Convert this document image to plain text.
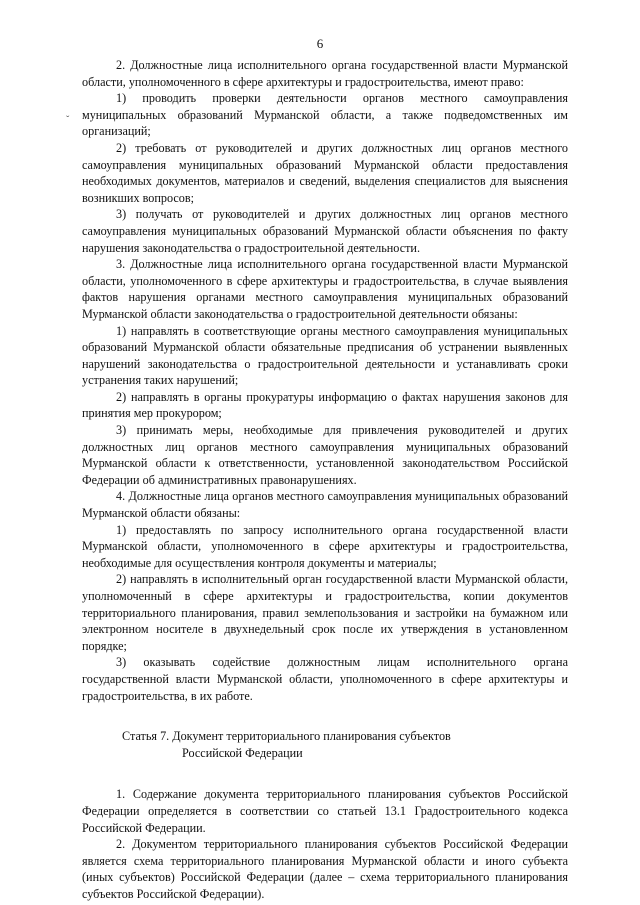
6
ˇ

2. Должностные лица исполнительного органа государственной власти Мурманской области, уполномоченного в сфере архитектуры и градостроительства, имеют право:

1) проводить проверки деятельности органов местного самоуправления муниципальных образований Мурманской области, а также подведомственных им организаций;

2) требовать от руководителей и других должностных лиц органов местного самоуправления муниципальных образований Мурманской области предоставления необходимых документов, материалов и сведений, выделения специалистов для выяснения возникших вопросов;

3) получать от руководителей и других должностных лиц органов местного самоуправления муниципальных образований Мурманской области объяснения по факту нарушения законодательства о градостроительной деятельности.

3. Должностные лица исполнительного органа государственной власти Мурманской области, уполномоченного в сфере архитектуры и градостроительства, в случае выявления фактов нарушения органами местного самоуправления муниципальных образований Мурманской области законодательства о градостроительной деятельности обязаны:

1) направлять в соответствующие органы местного самоуправления муниципальных образований Мурманской области обязательные предписания об устранении выявленных нарушений законодательства о градостроительной деятельности и устанавливать сроки устранения таких нарушений;

2) направлять в органы прокуратуры информацию о фактах нарушения законов для принятия мер прокурором;

3) принимать меры, необходимые для привлечения руководителей и других должностных лиц органов местного самоуправления муниципальных образований Мурманской области к ответственности, установленной законодательством Российской Федерации об административных правонарушениях.

4. Должностные лица органов местного самоуправления муниципальных образований Мурманской области обязаны:

1) предоставлять по запросу исполнительного органа государственной власти Мурманской области, уполномоченного в сфере архитектуры и градостроительства, необходимые для осуществления контроля документы и материалы;

2) направлять в исполнительный орган государственной власти Мурманской области, уполномоченный в сфере архитектуры и градостроительства, копии документов территориального планирования, правил землепользования и застройки на бумажном или электронном носителе в двухнедельный срок после их утверждения в установленном порядке;

3) оказывать содействие должностным лицам исполнительного органа государственной власти Мурманской области, уполномоченного в сфере архитектуры и градостроительства, в их работе.

Статья 7. Документ территориального планирования субъектов
Российской Федерации

1. Содержание документа территориального планирования субъектов Российской Федерации определяется в соответствии со статьей 13.1 Градостроительного кодекса Российской Федерации.

2. Документом территориального планирования субъектов Российской Федерации является схема территориального планирования Мурманской области и иного субъекта (иных субъектов) Российской Федерации (далее – схема территориального планирования субъектов Российской Федерации).
